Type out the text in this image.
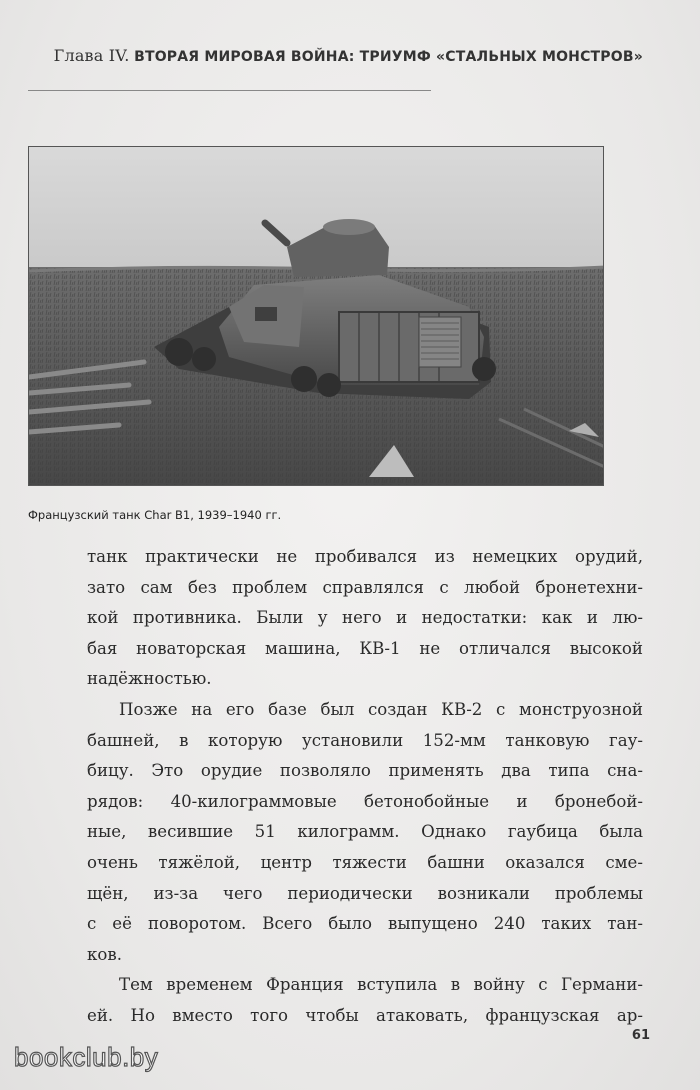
Глава IV. ВТОРАЯ МИРОВАЯ ВОЙНА: ТРИУМФ «СТАЛЬНЫХ МОНСТРОВ»
Французский танк Char B1, 1939–1940 гг.
танк практически не пробивался из немецких орудий,
зато сам без проблем справлялся с любой бронетехни-
кой противника. Были у него и недостатки: как и лю-
бая новаторская машина, КВ-1 не отличался высокой
надёжностью.
Позже на его базе был создан КВ-2 с монструозной
башней, в которую установили 152-мм танковую гау-
бицу. Это орудие позволяло применять два типа сна-
рядов: 40-килограммовые бетонобойные и бронебой-
ные, весившие 51 килограмм. Однако гаубица была
очень тяжёлой, центр тяжести башни оказался сме-
щён, из-за чего периодически возникали проблемы
с её поворотом. Всего было выпущено 240 таких тан-
ков.
Тем временем Франция вступила в войну с Германи-
ей. Но вместо того чтобы атаковать, французская ар-
61
bookclub.by
